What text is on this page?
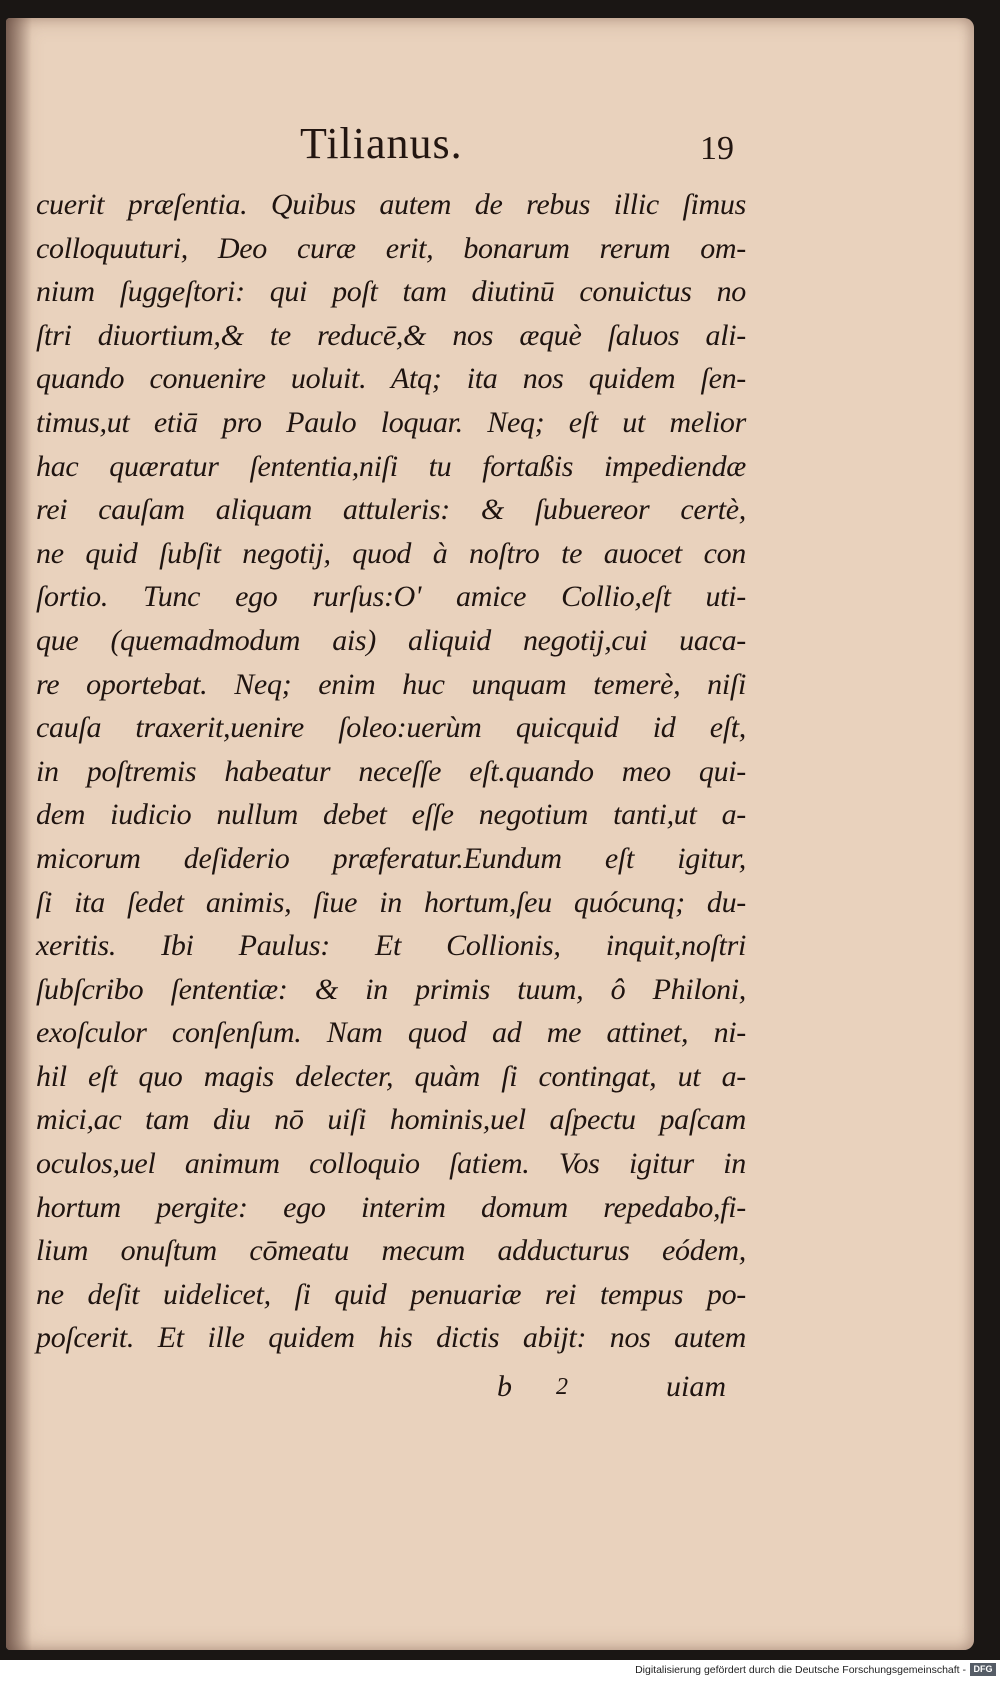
Tilianus.	19
cuerit præſentia. Quibus autem de rebus illic ſimus
colloquuturi, Deo curæ erit, bonarum rerum om-
nium ſuggeſtori: qui poſt tam diutinū conuictus no
ſtri diuortium,& te reducē,& nos æquè ſaluos ali-
quando conuenire uoluit. Atq; ita nos quidem ſen-
timus,ut etiā pro Paulo loquar. Neq; eſt ut melior
hac quæratur ſententia,niſi tu fortaßis impediendæ
rei cauſam aliquam attuleris: & ſubuereor certè,
ne quid ſubſit negotij, quod à noſtro te auocet con
ſortio. Tunc ego rurſus:O' amice Collio,eſt uti-
que (quemadmodum ais) aliquid negotij,cui uaca-
re oportebat. Neq; enim huc unquam temerè, niſi
cauſa traxerit,uenire ſoleo:uerùm quicquid id eſt,
in poſtremis habeatur neceſſe eſt.quando meo qui-
dem iudicio nullum debet eſſe negotium tanti,ut a-
micorum deſiderio præferatur.Eundum eſt igitur,
ſi ita ſedet animis, ſiue in hortum,ſeu quócunq; du-
xeritis. Ibi Paulus: Et Collionis, inquit,noſtri
ſubſcribo ſententiæ: & in primis tuum, ô Philoni,
exoſculor conſenſum. Nam quod ad me attinet, ni-
hil eſt quo magis delecter, quàm ſi contingat, ut a-
mici,ac tam diu nō uiſi hominis,uel aſpectu paſcam
oculos,uel animum colloquio ſatiem. Vos igitur in
hortum pergite: ego interim domum repedabo,fi-
lium onuſtum cōmeatu mecum adducturus eódem,
ne deſit uidelicet, ſi quid penuariæ rei tempus po-
poſcerit. Et ille quidem his dictis abijt: nos autem
b 2	uiam
Digitalisierung gefördert durch die Deutsche Forschungsgemeinschaft - DFG
